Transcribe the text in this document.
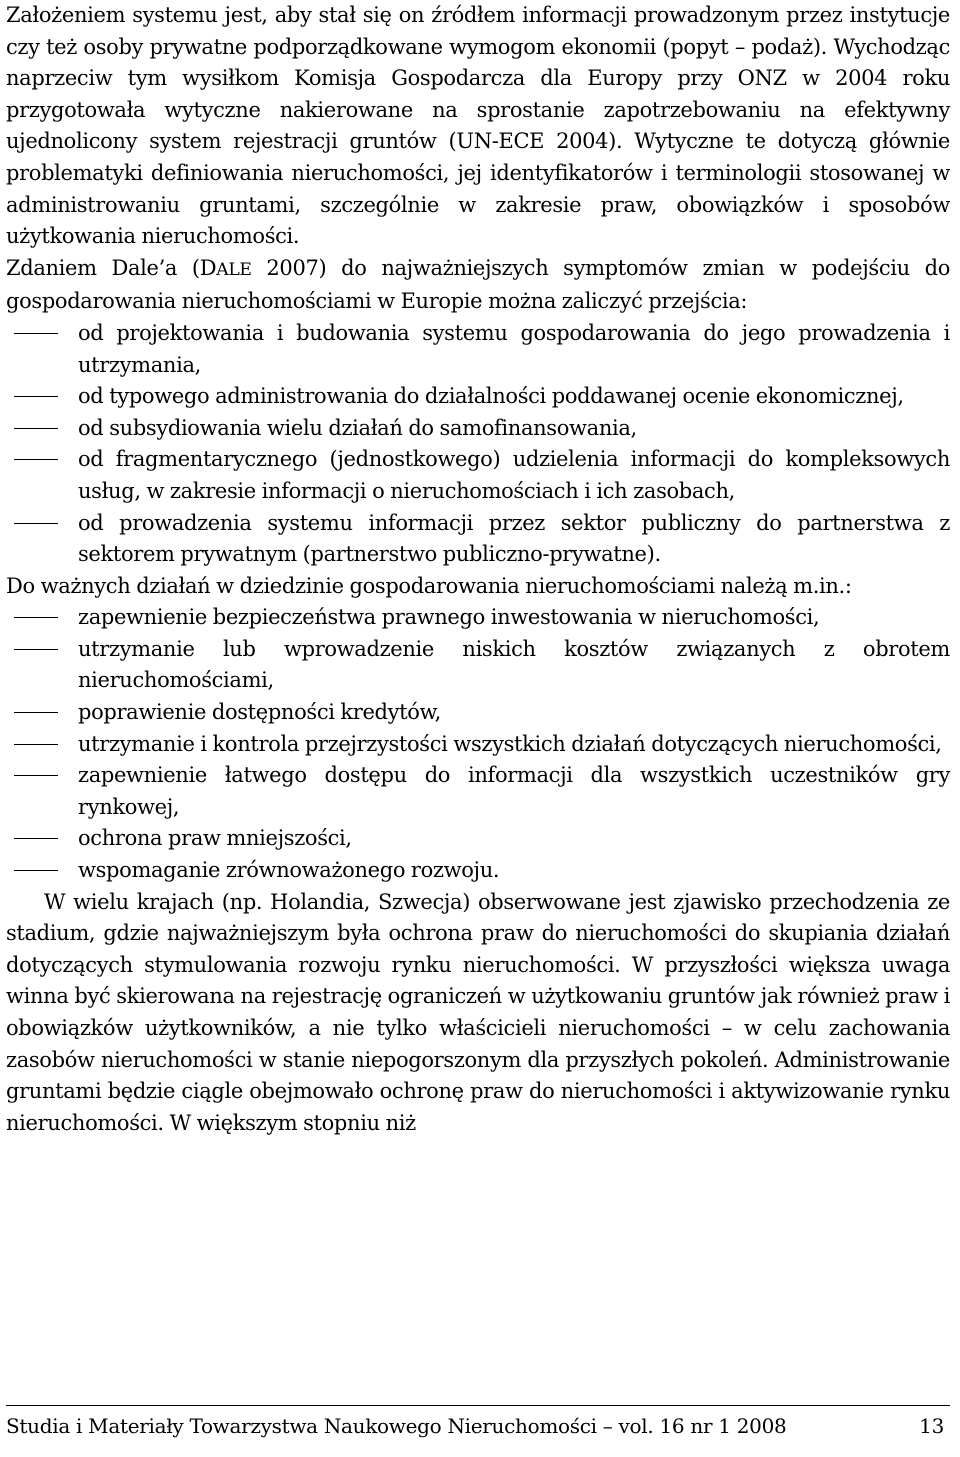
Założeniem systemu jest, aby stał się on źródłem informacji prowadzonym przez instytucje czy też osoby prywatne podporządkowane wymogom ekonomii (popyt – podaż). Wychodząc naprzeciw tym wysiłkom Komisja Gospodarcza dla Europy przy ONZ w 2004 roku przygotowała wytyczne nakierowane na sprostanie zapotrzebowaniu na efektywny ujednolicony system rejestracji gruntów (UN-ECE 2004). Wytyczne te dotyczą głównie problematyki definiowania nieruchomości, jej identyfikatorów i terminologii stosowanej w administrowaniu gruntami, szczególnie w zakresie praw, obowiązków i sposobów użytkowania nieruchomości.

Zdaniem Dale’a (DALE 2007) do najważniejszych symptomów zmian w podejściu do gospodarowania nieruchomościami w Europie można zaliczyć przejścia:

od projektowania i budowania systemu gospodarowania do jego prowadzenia i utrzymania,
od typowego administrowania do działalności poddawanej ocenie ekonomicznej,
od subsydiowania wielu działań do samofinansowania,
od fragmentarycznego (jednostkowego) udzielenia informacji do kompleksowych usług, w zakresie informacji o nieruchomościach i ich zasobach,
od prowadzenia systemu informacji przez sektor publiczny do partnerstwa z sektorem prywatnym (partnerstwo publiczno-prywatne).

Do ważnych działań w dziedzinie gospodarowania nieruchomościami należą m.in.:

zapewnienie bezpieczeństwa prawnego inwestowania w nieruchomości,
utrzymanie lub wprowadzenie niskich kosztów związanych z obrotem nieruchomościami,
poprawienie dostępności kredytów,
utrzymanie i kontrola przejrzystości wszystkich działań dotyczących nieruchomości,
zapewnienie łatwego dostępu do informacji dla wszystkich uczestników gry rynkowej,
ochrona praw mniejszości,
wspomaganie zrównoważonego rozwoju.

W wielu krajach (np. Holandia, Szwecja) obserwowane jest zjawisko przechodzenia ze stadium, gdzie najważniejszym była ochrona praw do nieruchomości do skupiania działań dotyczących stymulowania rozwoju rynku nieruchomości. W przyszłości większa uwaga winna być skierowana na rejestrację ograniczeń w użytkowaniu gruntów jak również praw i obowiązków użytkowników, a nie tylko właścicieli nieruchomości – w celu zachowania zasobów nieruchomości w stanie niepogorszonym dla przyszłych pokoleń. Administrowanie gruntami będzie ciągle obejmowało ochronę praw do nieruchomości i aktywizowanie rynku nieruchomości. W większym stopniu niż

Studia i Materiały Towarzystwa Naukowego Nieruchomości – vol. 16 nr 1 2008	13
